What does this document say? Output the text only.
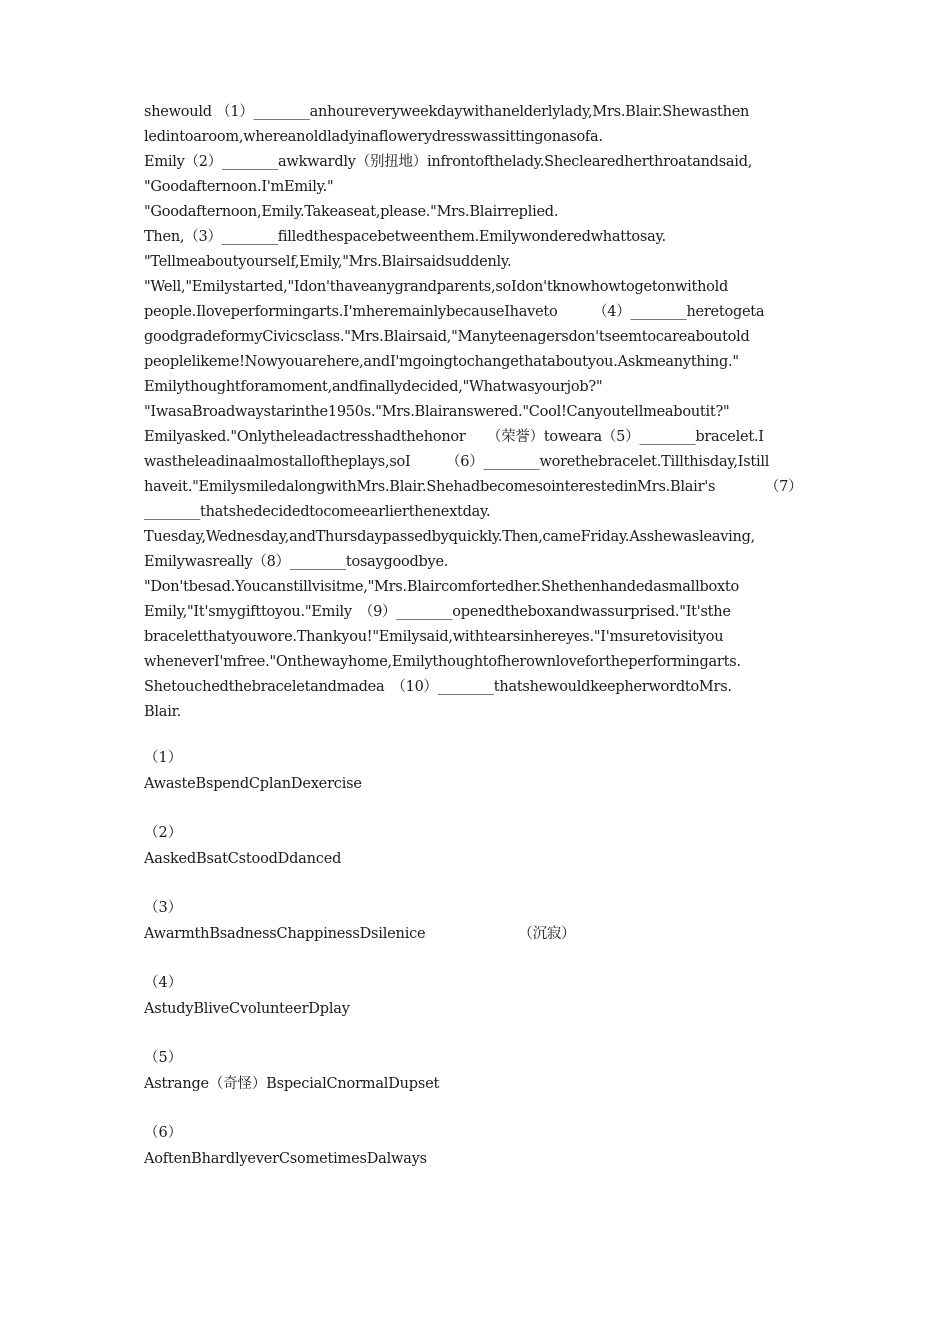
shewould （1）________anhoureveryweekdaywithanelderlylady,Mrs.Blair.Shewasthen
ledintoaroom,whereanoldladyinaflowerydresswassittingonasofa.
Emily（2）________awkwardly（别扭地）infrontofthelady.Sheclearedherthroatandsaid,
"Goodafternoon.I'mEmily."
"Goodafternoon,Emily.Takeaseat,please."Mrs.Blairreplied.
Then,（3）________filledthespacebetweenthem.Emilywonderedwhattosay.
"Tellmeaboutyourself,Emily,"Mrs.Blairsaidsuddenly.
"Well,"Emilystarted,"Idon'thaveanygrandparents,soIdon'tknowhowtogetonwithold
people.Iloveperformingarts.I'mheremainlybecauseIhaveto　　　（4）________heretogeta
goodgradeformyCivicsclass."Mrs.Blairsaid,"Manyteenagersdon'tseemtocareaboutold
peoplelikeme!Nowyouarehere,andI'mgoingtochangethataboutyou.Askmeanything."
Emilythoughtforamoment,andfinallydecided,"Whatwasyourjob?"
"IwasaBroadwaystarinthe1950s."Mrs.Blairanswered."Cool!Canyoutellmeaboutit?"
Emilyasked."Onlytheleadactresshadthehonor　　（荣誉）toweara（5）________bracelet.I
wastheleadinaalmostalloftheplays,soI　　　（6）________worethebracelet.Tillthisday,Istill
haveit."EmilysmiledalongwithMrs.Blair.ShehadbecomesointerestedinMrs.Blair's　　　　（7）
________thatshedecidedtocomeearlierthenextday.
Tuesday,Wednesday,andThursdaypassedbyquickly.Then,cameFriday.Asshewasleaving,
Emilywasreally（8）________tosaygoodbye.
"Don'tbesad.Youcanstillvisitme,"Mrs.Blaircomfortedher.Shethenhandedasmallboxto
Emily,"It'smygifttoyou."Emily　（9）________openedtheboxandwassurprised."It'sthe
braceletthatyouwore.Thankyou!"Emilysaid,withtearsinhereyes."I'msuretovisityou
wheneverI'mfree."Onthewayhome,Emilythoughtofherownlovefortheperformingarts.
Shetouchedthebraceletandmadea　（10）________thatshewouldkeepherwordtoMrs.
Blair.
（1）
AwasteBspendCplanDexercise
（2）
AaskedBsatCstoodDdanced
（3）
AwarmthBsadnessChappinessDsilenice　　　　　　　（沉寂）
（4）
AstudyBliveCvolunteerDplay
（5）
Astrange（奇怪）BspecialCnormalDupset
（6）
AoftenBhardlyeverCsometimesDalways
